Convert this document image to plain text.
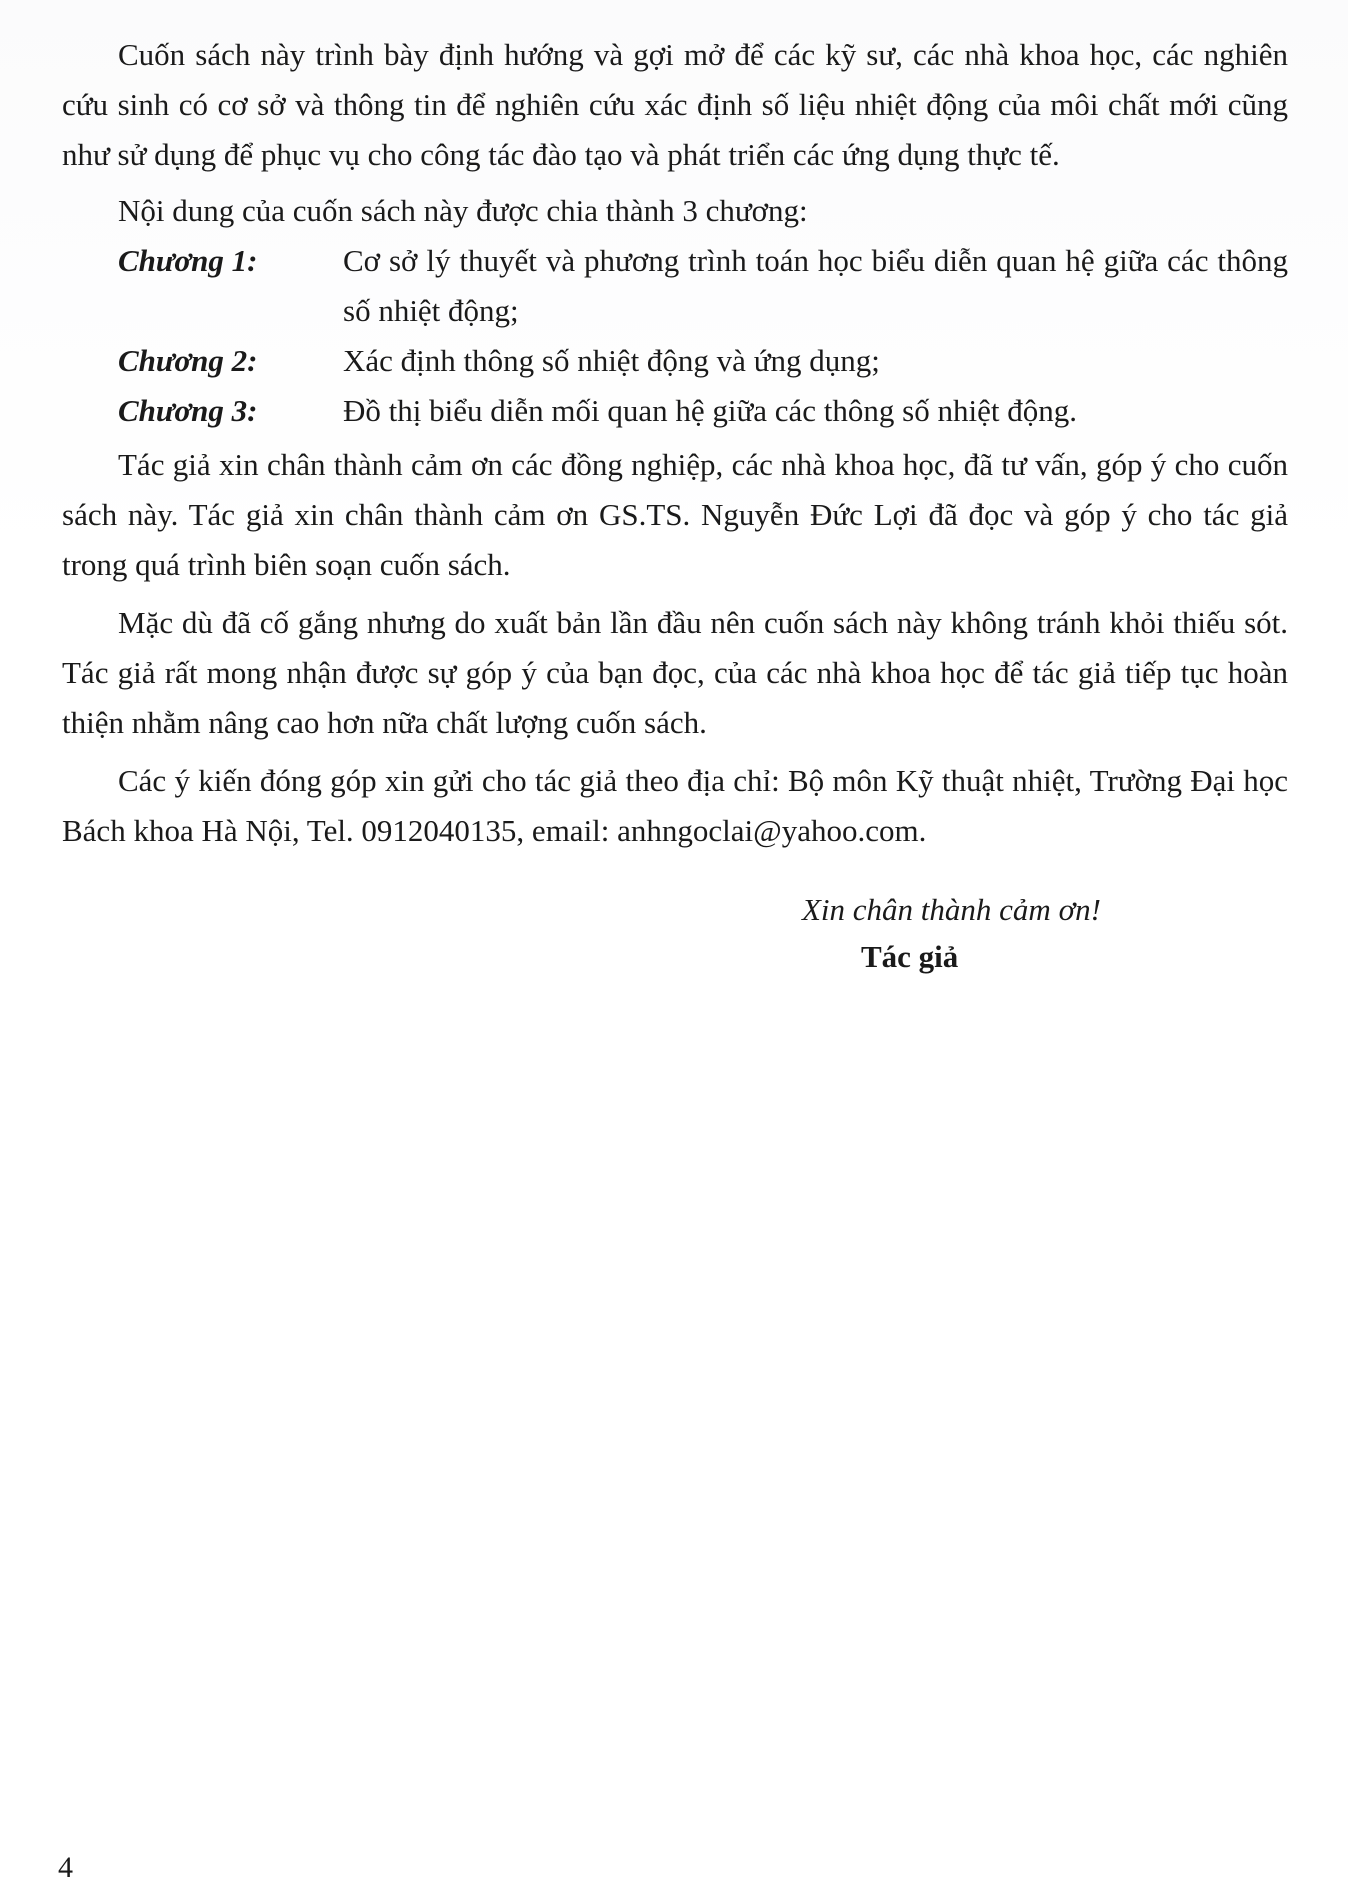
Cuốn sách này trình bày định hướng và gợi mở để các kỹ sư, các nhà khoa học, các nghiên cứu sinh có cơ sở và thông tin để nghiên cứu xác định số liệu nhiệt động của môi chất mới cũng như sử dụng để phục vụ cho công tác đào tạo và phát triển các ứng dụng thực tế.

Nội dung của cuốn sách này được chia thành 3 chương:

Chương 1:	Cơ sở lý thuyết và phương trình toán học biểu diễn quan hệ giữa các thông số nhiệt động;
Chương 2:	Xác định thông số nhiệt động và ứng dụng;
Chương 3:	Đồ thị biểu diễn mối quan hệ giữa các thông số nhiệt động.

Tác giả xin chân thành cảm ơn các đồng nghiệp, các nhà khoa học, đã tư vấn, góp ý cho cuốn sách này. Tác giả xin chân thành cảm ơn GS.TS. Nguyễn Đức Lợi đã đọc và góp ý cho tác giả trong quá trình biên soạn cuốn sách.

Mặc dù đã cố gắng nhưng do xuất bản lần đầu nên cuốn sách này không tránh khỏi thiếu sót. Tác giả rất mong nhận được sự góp ý của bạn đọc, của các nhà khoa học để tác giả tiếp tục hoàn thiện nhằm nâng cao hơn nữa chất lượng cuốn sách.

Các ý kiến đóng góp xin gửi cho tác giả theo địa chỉ: Bộ môn Kỹ thuật nhiệt, Trường Đại học Bách khoa Hà Nội, Tel. 0912040135, email: anhngoclai@yahoo.com.

Xin chân thành cảm ơn!
Tác giả
4
